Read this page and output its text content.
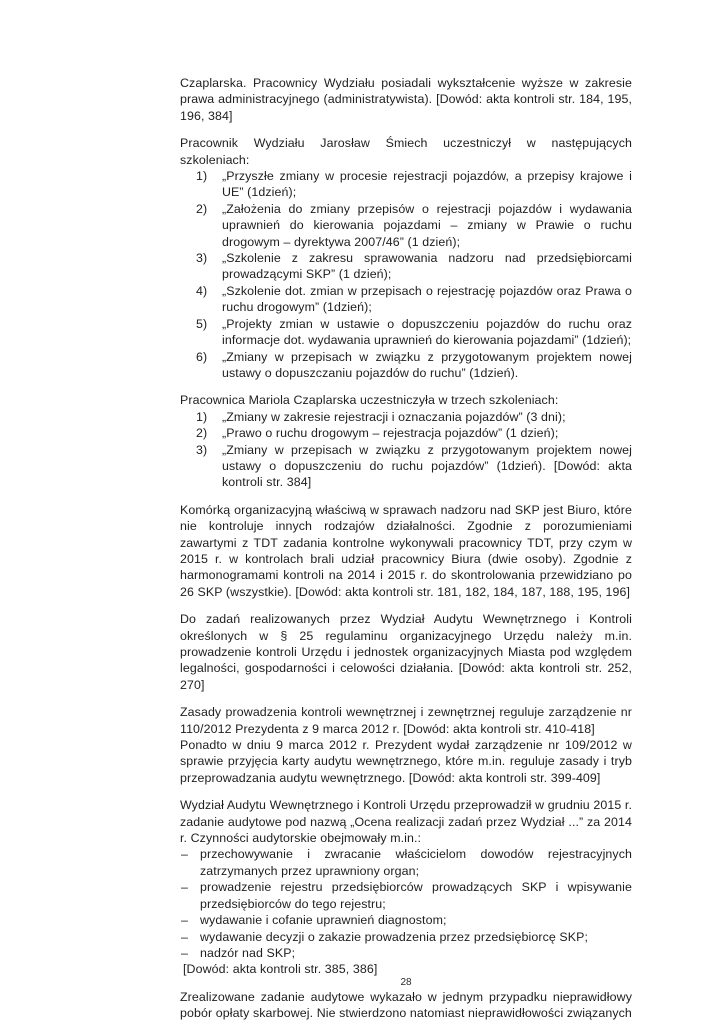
Czaplarska. Pracownicy Wydziału posiadali wykształcenie wyższe w zakresie prawa administracyjnego (administratywista). [Dowód: akta kontroli str. 184, 195, 196, 384]

Pracownik Wydziału Jarosław Śmiech uczestniczył w następujących szkoleniach:

1)	„Przyszłe zmiany w procesie rejestracji pojazdów, a przepisy krajowe i UE” (1dzień);
2)	„Założenia do zmiany przepisów o rejestracji pojazdów i wydawania uprawnień do kierowania pojazdami – zmiany w Prawie o ruchu drogowym – dyrektywa 2007/46” (1 dzień);
3)	„Szkolenie z zakresu sprawowania nadzoru nad przedsiębiorcami prowadzącymi SKP” (1 dzień);
4)	„Szkolenie dot. zmian w przepisach o rejestrację pojazdów oraz Prawa o ruchu drogowym” (1dzień);
5)	„Projekty zmian w ustawie o dopuszczeniu pojazdów do ruchu oraz informacje dot. wydawania uprawnień do kierowania pojazdami” (1dzień);
6)	„Zmiany w przepisach w związku z przygotowanym projektem nowej ustawy o dopuszczaniu pojazdów do ruchu” (1dzień).

Pracownica Mariola Czaplarska uczestniczyła w trzech szkoleniach:

1)	„Zmiany w zakresie rejestracji i oznaczania pojazdów” (3 dni);
2)	„Prawo o ruchu drogowym – rejestracja pojazdów” (1 dzień);
3)	„Zmiany w przepisach w związku z przygotowanym projektem nowej ustawy o dopuszczeniu do ruchu pojazdów” (1dzień). [Dowód: akta kontroli str. 384]

Komórką organizacyjną właściwą w sprawach nadzoru nad SKP jest Biuro, które nie kontroluje innych rodzajów działalności. Zgodnie z porozumieniami zawartymi z TDT zadania kontrolne wykonywali pracownicy TDT, przy czym w 2015 r. w kontrolach brali udział pracownicy Biura (dwie osoby). Zgodnie z harmonogramami kontroli na 2014 i 2015 r. do skontrolowania przewidziano po 26 SKP (wszystkie). [Dowód: akta kontroli str. 181, 182, 184, 187, 188, 195, 196]

Do zadań realizowanych przez Wydział Audytu Wewnętrznego i Kontroli określonych w § 25 regulaminu organizacyjnego Urzędu należy m.in. prowadzenie kontroli Urzędu i jednostek organizacyjnych Miasta pod względem legalności, gospodarności i celowości działania. [Dowód: akta kontroli str. 252, 270]

Zasady prowadzenia kontroli wewnętrznej i zewnętrznej reguluje zarządzenie nr 110/2012 Prezydenta z 9 marca 2012 r. [Dowód: akta kontroli str. 410-418]

Ponadto w dniu 9 marca 2012 r. Prezydent wydał zarządzenie nr 109/2012 w sprawie przyjęcia karty audytu wewnętrznego, które m.in. reguluje zasady i tryb przeprowadzania audytu wewnętrznego. [Dowód: akta kontroli str. 399-409]

Wydział Audytu Wewnętrznego i Kontroli Urzędu przeprowadził w grudniu 2015 r. zadanie audytowe pod nazwą „Ocena realizacji zadań przez Wydział ...” za 2014 r. Czynności audytorskie obejmowały m.in.:

– przechowywanie i zwracanie właścicielom dowodów rejestracyjnych zatrzymanych przez uprawniony organ;
– prowadzenie rejestru przedsiębiorców prowadzących SKP i wpisywanie przedsiębiorców do tego rejestru;
– wydawanie i cofanie uprawnień diagnostom;
– wydawanie decyzji o zakazie prowadzenia przez przedsiębiorcę SKP;
– nadzór nad SKP;

[Dowód: akta kontroli str. 385, 386]

Zrealizowane zadanie audytowe wykazało w jednym przypadku nieprawidłowy pobór opłaty skarbowej. Nie stwierdzono natomiast nieprawidłowości związanych

28
